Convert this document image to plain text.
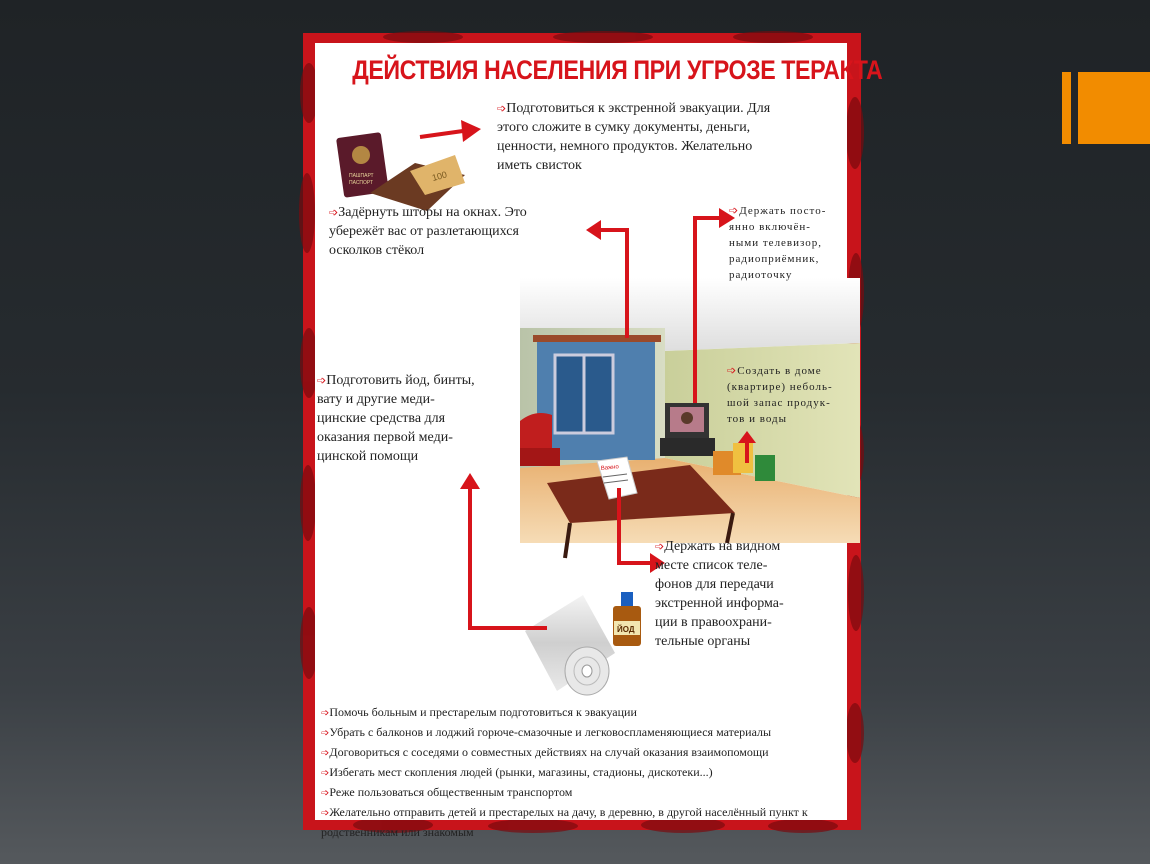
ДЕЙСТВИЯ НАСЕЛЕНИЯ ПРИ УГРОЗЕ ТЕРАКТА
ПАШПАРТ
ПАСПОРТ
100
Важно
ЙОД
➩Подготовиться к экстренной эвакуации. Для
этого сложите в сумку документы, деньги,
ценности, немного продуктов. Желательно
иметь свисток
➩Задёрнуть шторы на окнах. Это
убережёт вас от разлетающихся
осколков стёкол
➩Держать посто-
янно включён-
ными телевизор,
радиоприёмник,
радиоточку
➩Подготовить йод, бинты,
вату и другие меди-
цинские средства для
оказания первой меди-
цинской помощи
➩Создать в доме
(квартире) неболь-
шой запас продук-
тов и воды
➩Держать на видном
месте список теле-
фонов для передачи
экстренной информа-
ции в правоохрани-
тельные органы
➩Помочь больным и престарелым подготовиться к эвакуации
➩Убрать с балконов и лоджий горюче-смазочные и легковоспламеняющиеся материалы
➩Договориться с соседями о совместных действиях на случай оказания взаимопомощи
➩Избегать мест скопления людей (рынки, магазины, стадионы, дискотеки...)
➩Реже пользоваться общественным транспортом
➩Желательно отправить детей и престарелых на дачу, в деревню, в другой населённый пункт к родственникам или знакомым
